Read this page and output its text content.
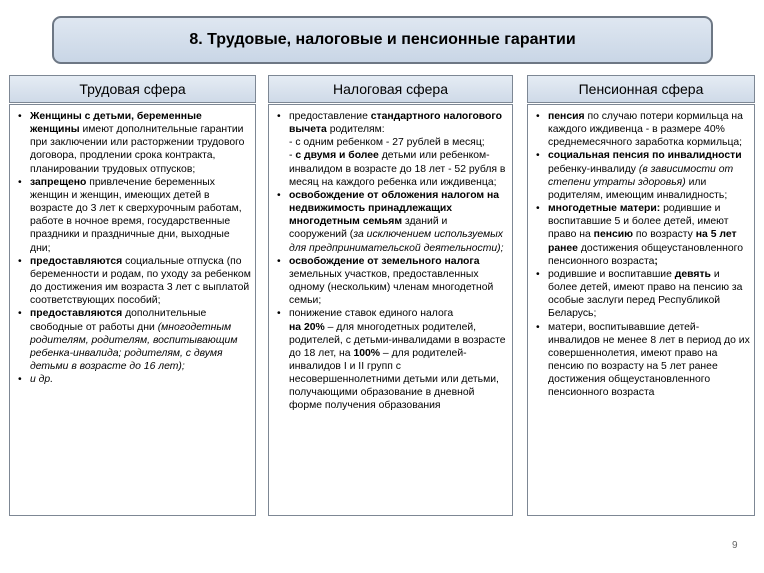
8. Трудовые, налоговые и пенсионные гарантии
Трудовая сфера
• Женщины с детьми, беременные женщины имеют дополнительные гарантии при заключении или расторжении трудового договора, продлении срока контракта, планировании трудовых отпусков;
• запрещено привлечение беременных женщин и женщин, имеющих детей в возрасте до 3 лет к сверхурочным работам, работе в ночное время, государственные праздники и праздничные дни, выходные дни;
• предоставляются социальные отпуска (по беременности и родам, по уходу за ребенком до достижения им возраста 3 лет с выплатой соответствующих пособий;
• предоставляются дополнительные свободные от работы дни (многодетным родителям, родителям, воспитывающим ребенка-инвалида; родителям, с двумя детьми в возрасте до 16 лет);
• и др.
Налоговая сфера
• предоставление стандартного налогового вычета родителям:
- с одним ребенком - 27 рублей в месяц;
- с двумя и более детьми или ребенком-инвалидом в возрасте до 18 лет - 52 рубля в месяц на каждого ребенка или иждивенца;
• освобождение от обложения налогом на недвижимость принадлежащих многодетным семьям зданий и сооружений (за исключением используемых для предпринимательской деятельности);
• освобождение от земельного налога земельных участков, предоставленных одному (нескольким) членам многодетной семьи;
• понижение ставок единого налога
на 20% – для многодетных родителей, родителей, с детьми-инвалидами в возрасте до 18 лет, на 100% – для родителей-инвалидов I и II групп с несовершеннолетними детьми или детьми, получающими образование в дневной форме получения образования
Пенсионная сфера
• пенсия по случаю потери кормильца на каждого иждивенца - в размере 40% среднемесячного заработка кормильца;
• социальная пенсия по инвалидности ребенку-инвалиду (в зависимости от степени утраты здоровья) или родителям, имеющим инвалидность;
• многодетные матери: родившие и воспитавшие 5 и более детей, имеют право на пенсию по возрасту на 5 лет ранее достижения общеустановленного пенсионного возраста;
• родившие и воспитавшие девять и более детей, имеют право на пенсию за особые заслуги перед Республикой Беларусь;
• матери, воспитывавшие детей-инвалидов не менее 8 лет в период до их совершеннолетия, имеют право на пенсию по возрасту на 5 лет ранее достижения общеустановленного пенсионного возраста
9
